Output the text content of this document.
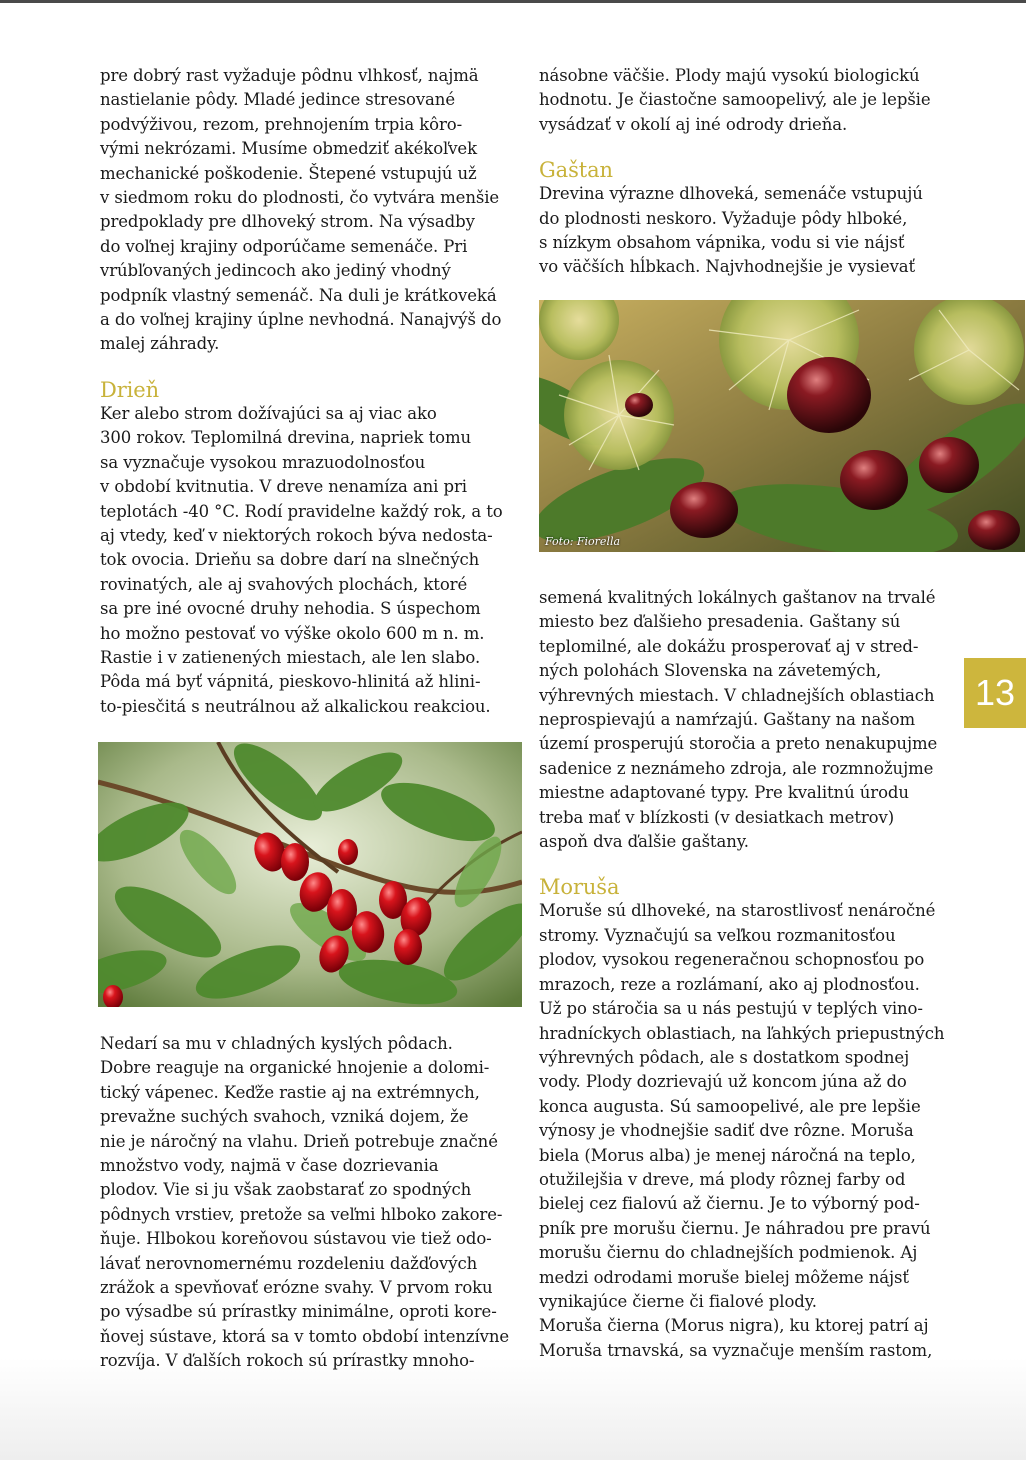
pre dobrý rast vyžaduje pôdnu vlhkosť, najmä
nastielanie pôdy. Mladé jedince stresované
podvýživou, rezom, prehnojením trpia kôro-
vými nekrózami. Musíme obmedziť akékoľvek
mechanické poškodenie. Štepené vstupujú už
v siedmom roku do plodnosti, čo vytvára menšie
predpoklady pre dlhoveký strom. Na výsadby
do voľnej krajiny odporúčame semenáče. Pri
vrúbľovaných jedincoch ako jediný vhodný
podpník vlastný semenáč. Na duli je krátkoveká
a do voľnej krajiny úplne nevhodná. Nanajvýš do
malej záhrady.
Drieň
Ker alebo strom dožívajúci sa aj viac ako
300 rokov. Teplomilná drevina, napriek tomu
sa vyznačuje vysokou mrazuodolnosťou
v období kvitnutia. V dreve nenamíza ani pri
teplotách -40 °C. Rodí pravidelne každý rok, a to
aj vtedy, keď v niektorých rokoch býva nedosta-
tok ovocia. Drieňu sa dobre darí na slnečných
rovinatých, ale aj svahových plochách, ktoré
sa pre iné ovocné druhy nehodia. S úspechom
ho možno pestovať vo výške okolo 600 m n. m.
Rastie i v zatienených miestach, ale len slabo.
Pôda má byť vápnitá, pieskovo-hlinitá až hlini-
to-piesčitá s neutrálnou až alkalickou reakciou.
Nedarí sa mu v chladných kyslých pôdach.
Dobre reaguje na organické hnojenie a dolomi-
tický vápenec. Keďže rastie aj na extrémnych,
prevažne suchých svahoch, vzniká dojem, že
nie je náročný na vlahu. Drieň potrebuje značné
množstvo vody, najmä v čase dozrievania
plodov. Vie si ju však zaobstarať zo spodných
pôdnych vrstiev, pretože sa veľmi hlboko zakore-
ňuje. Hlbokou koreňovou sústavou vie tiež odo-
lávať nerovnomernému rozdeleniu dažďových
zrážok a spevňovať erózne svahy. V prvom roku
po výsadbe sú prírastky minimálne, oproti kore-
ňovej sústave, ktorá sa v tomto období intenzívne
rozvíja. V ďalších rokoch sú prírastky mnoho-
násobne väčšie. Plody majú vysokú biologickú
hodnotu. Je čiastočne samoopelivý, ale je lepšie
vysádzať v okolí aj iné odrody drieňa.
Gaštan
Drevina výrazne dlhoveká, semenáče vstupujú
do plodnosti neskoro. Vyžaduje pôdy hlboké,
s nízkym obsahom vápnika, vodu si vie nájsť
vo väčších hĺbkach. Najvhodnejšie je vysievať
Foto: Fiorella
semená kvalitných lokálnych gaštanov na trvalé
miesto bez ďalšieho presadenia. Gaštany sú
teplomilné, ale dokážu prosperovať aj v stred-
ných polohách Slovenska na závetemých,
výhrevných miestach. V chladnejších oblastiach
neprospievajú a namŕzajú. Gaštany na našom
území prosperujú storočia a preto nenakupujme
sadenice z neznámeho zdroja, ale rozmnožujme
miestne adaptované typy. Pre kvalitnú úrodu
treba mať v blízkosti (v desiatkach metrov)
aspoň dva ďalšie gaštany.
Moruša
Moruše sú dlhoveké, na starostlivosť nenáročné
stromy. Vyznačujú sa veľkou rozmanitosťou
plodov, vysokou regeneračnou schopnosťou po
mrazoch, reze a rozlámaní, ako aj plodnosťou.
Už po stáročia sa u nás pestujú v teplých vino-
hradníckych oblastiach, na ľahkých priepustných
výhrevných pôdach, ale s dostatkom spodnej
vody. Plody dozrievajú už koncom júna až do
konca augusta. Sú samoopelivé, ale pre lepšie
výnosy je vhodnejšie sadiť dve rôzne. Moruša
biela (Morus alba) je menej náročná na teplo,
otužilejšia v dreve, má plody rôznej farby od
bielej cez fialovú až čiernu. Je to výborný pod-
pník pre morušu čiernu. Je náhradou pre pravú
morušu čiernu do chladnejších podmienok. Aj
medzi odrodami moruše bielej môžeme nájsť
vynikajúce čierne či fialové plody.
Moruša čierna (Morus nigra), ku ktorej patrí aj
Moruša trnavská, sa vyznačuje menším rastom,
13
